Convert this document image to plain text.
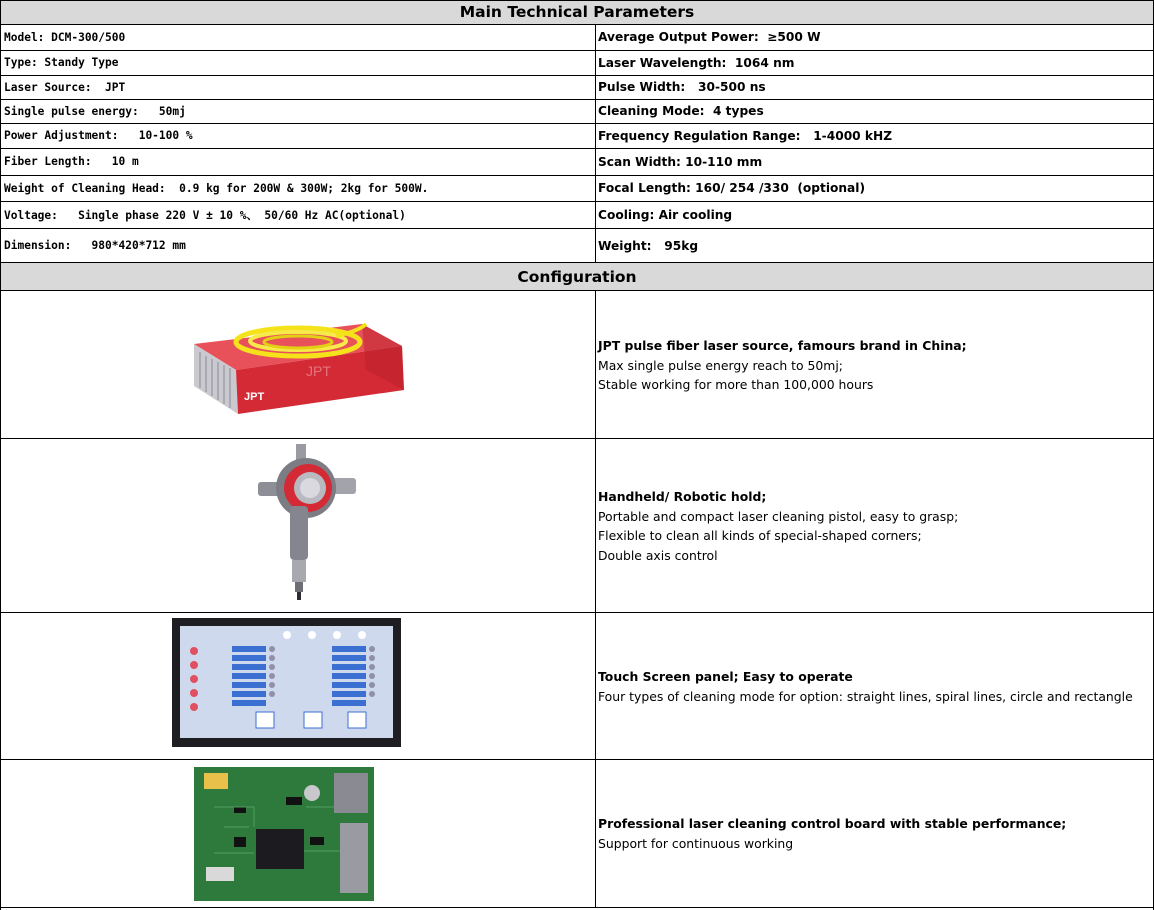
Main Technical Parameters
Model: DCM-300/500	Average Output Power:  ≥500 W
Type: Standy Type	Laser Wavelength:  1064 nm
Laser Source:  JPT	Pulse Width:   30-500 ns
Single pulse energy:   50mj	Cleaning Mode:  4 types
Power Adjustment:   10-100 %	Frequency Regulation Range:   1-4000 kHZ
Fiber Length:   10 m	Scan Width: 10-110 mm
Weight of Cleaning Head:  0.9 kg for 200W & 300W; 2kg for 500W.	Focal Length: 160/ 254 /330  (optional)
Voltage:   Single phase 220 V ± 10 %、 50/60 Hz AC(optional)	Cooling: Air cooling
Dimension:   980*420*712 mm	Weight:   95kg
Configuration
JPT pulse fiber laser source, famours brand in China;
Max single pulse energy reach to 50mj;
Stable working for more than 100,000 hours
Handheld/ Robotic hold;
Portable and compact laser cleaning pistol, easy to grasp;
Flexible to clean all kinds of special-shaped corners;
Double axis control
Touch Screen panel; Easy to operate
Four types of cleaning mode for option: straight lines, spiral lines, circle and rectangle
Professional laser cleaning control board with stable performance;
Support for continuous working
JPT
JPT
